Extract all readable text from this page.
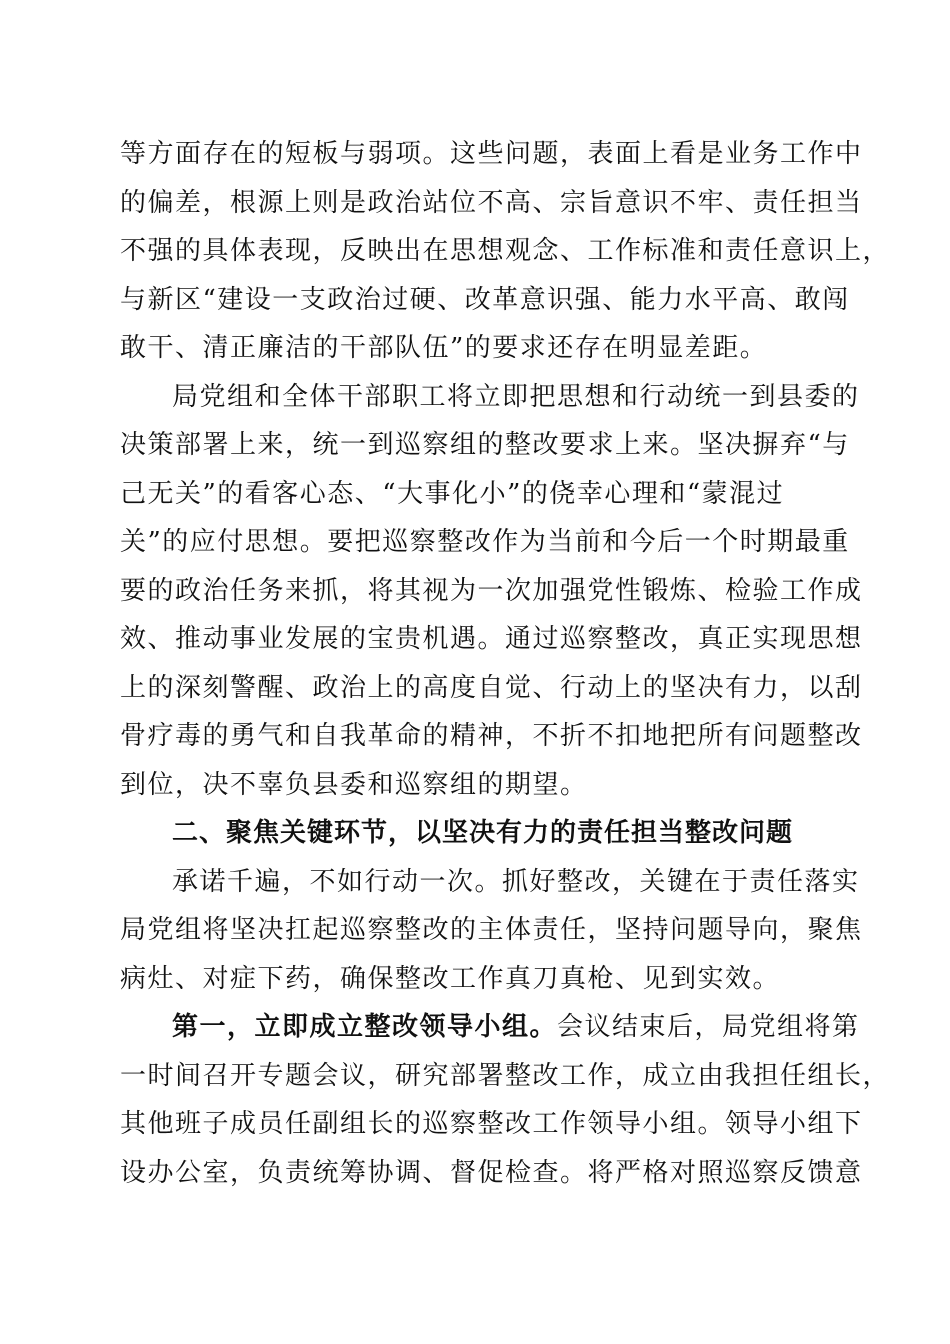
等方面存在的短板与弱项。这些问题，表面上看是业务工作中
的偏差，根源上则是政治站位不高、宗旨意识不牢、责任担当
不强的具体表现，反映出在思想观念、工作标准和责任意识上，
与新区“建设一支政治过硬、改革意识强、能力水平高、敢闯
敢干、清正廉洁的干部队伍”的要求还存在明显差距。
局党组和全体干部职工将立即把思想和行动统一到县委的
决策部署上来，统一到巡察组的整改要求上来。坚决摒弃“与
己无关”的看客心态、“大事化小”的侥幸心理和“蒙混过
关”的应付思想。要把巡察整改作为当前和今后一个时期最重
要的政治任务来抓，将其视为一次加强党性锻炼、检验工作成
效、推动事业发展的宝贵机遇。通过巡察整改，真正实现思想
上的深刻警醒、政治上的高度自觉、行动上的坚决有力，以刮
骨疗毒的勇气和自我革命的精神，不折不扣地把所有问题整改
到位，决不辜负县委和巡察组的期望。
二、聚焦关键环节，以坚决有力的责任担当整改问题
承诺千遍，不如行动一次。抓好整改，关键在于责任落实
局党组将坚决扛起巡察整改的主体责任，坚持问题导向，聚焦
病灶、对症下药，确保整改工作真刀真枪、见到实效。
第一，立即成立整改领导小组。会议结束后，局党组将第
一时间召开专题会议，研究部署整改工作，成立由我担任组长，
其他班子成员任副组长的巡察整改工作领导小组。领导小组下
设办公室，负责统筹协调、督促检查。将严格对照巡察反馈意
